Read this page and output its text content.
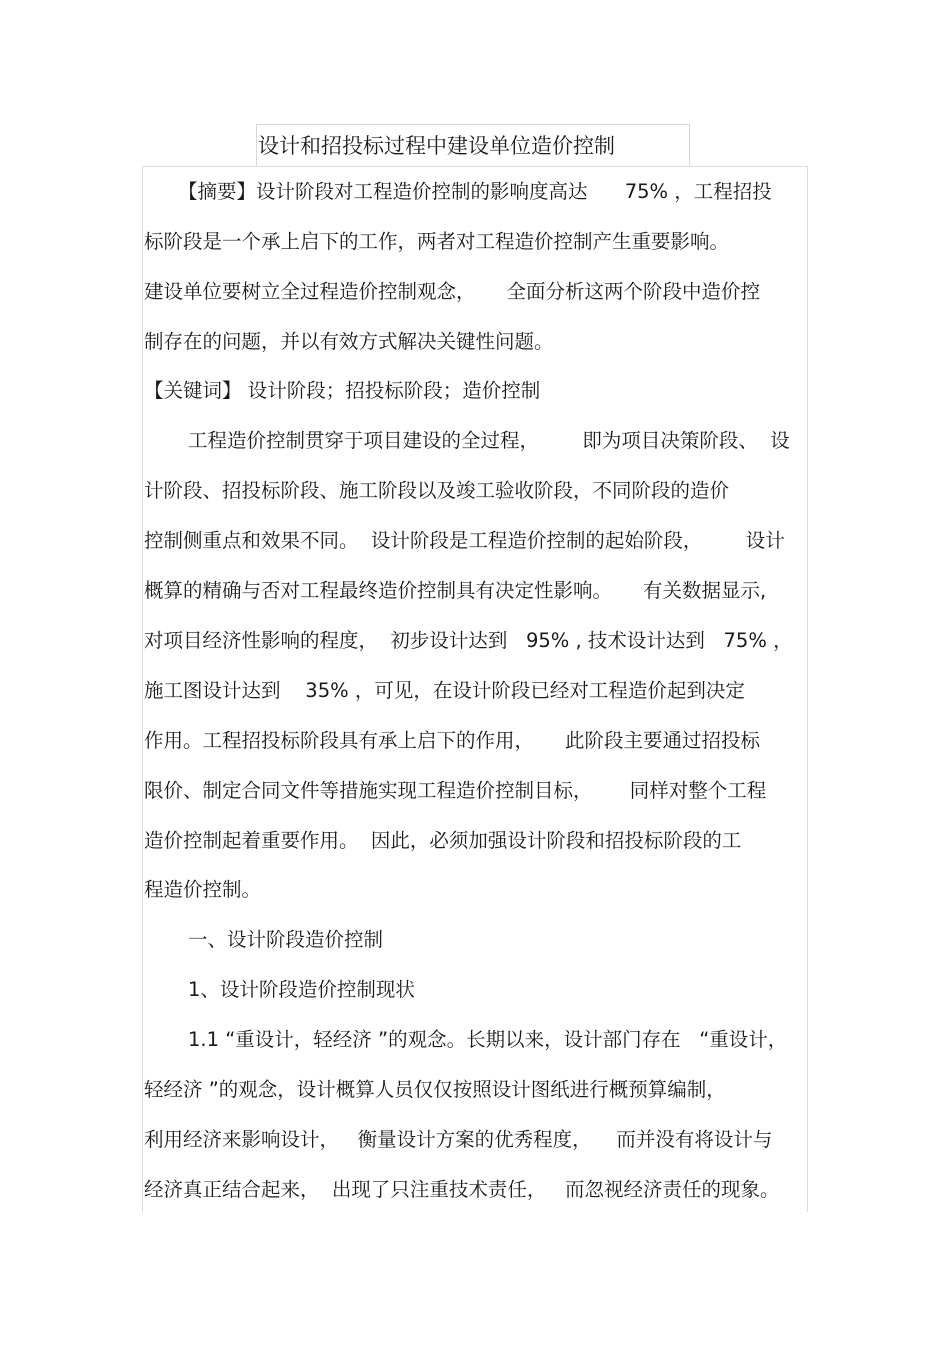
设计和招投标过程中建设单位造价控制
【摘要】设计阶段对工程造价控制的影响度高达      75% ，工程招投
标阶段是一个承上启下的工作，两者对工程造价控制产生重要影响。
建设单位要树立全过程造价控制观念，     全面分析这两个阶段中造价控
制存在的问题，并以有效方式解决关键性问题。
【关键词】 设计阶段；招投标阶段；造价控制
工程造价控制贯穿于项目建设的全过程，       即为项目决策阶段、  设
计阶段、招投标阶段、施工阶段以及竣工验收阶段，不同阶段的造价
控制侧重点和效果不同。  设计阶段是工程造价控制的起始阶段，       设计
概算的精确与否对工程最终造价控制具有决定性影响。     有关数据显示,
对项目经济性影响的程度，  初步设计达到   95% , 技术设计达到   75% ，
施工图设计达到    35% ，可见，在设计阶段已经对工程造价起到决定
作用。工程招投标阶段具有承上启下的作用，     此阶段主要通过招投标
限价、制定合同文件等措施实现工程造价控制目标，      同样对整个工程
造价控制起着重要作用。  因此，必须加强设计阶段和招投标阶段的工
程造价控制。
一、设计阶段造价控制
1、设计阶段造价控制现状
1.1 “重设计，轻经济 ”的观念。长期以来，设计部门存在   “重设计，
轻经济 ”的观念，设计概算人员仅仅按照设计图纸进行概预算编制，
利用经济来影响设计，   衡量设计方案的优秀程度，    而并没有将设计与
经济真正结合起来，  出现了只注重技术责任，   而忽视经济责任的现象。
